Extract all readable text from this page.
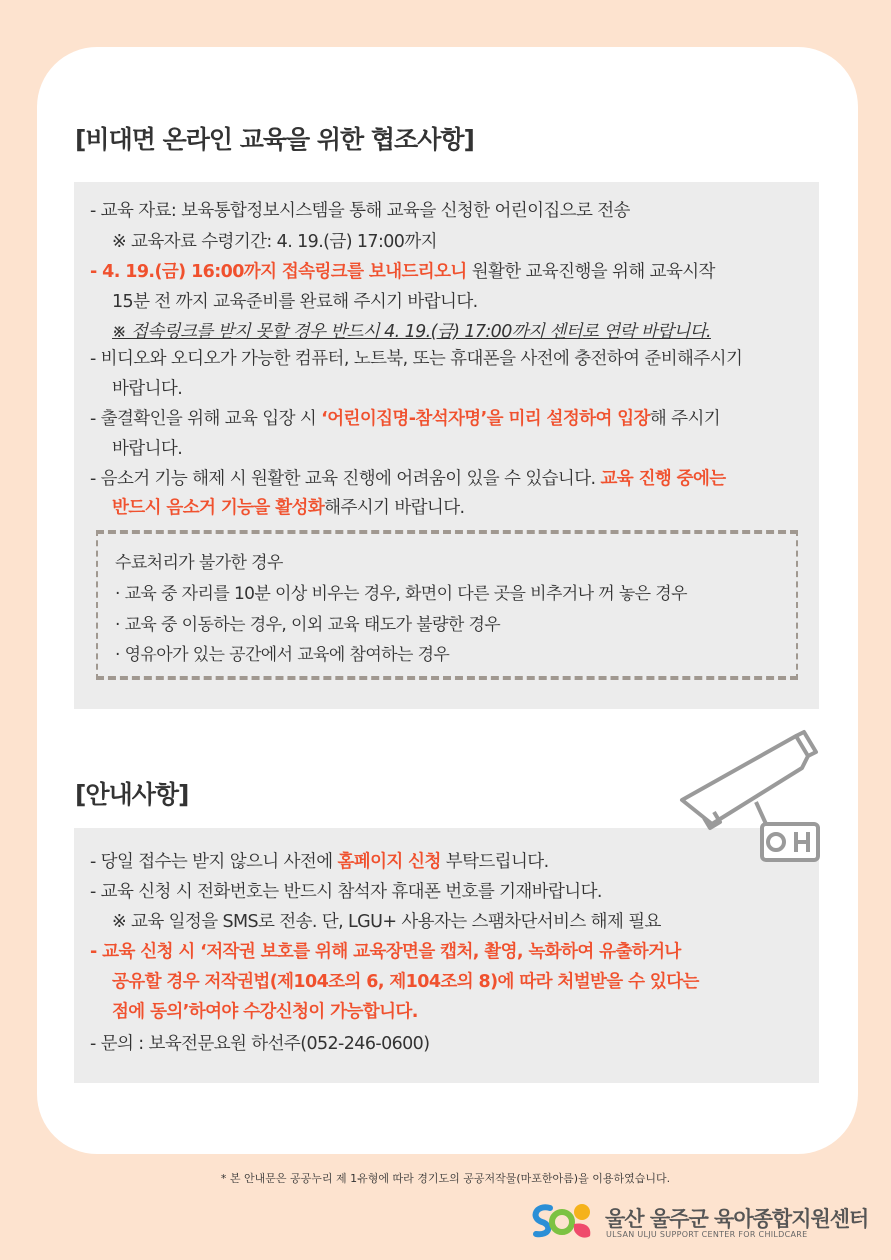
[비대면 온라인 교육을 위한 협조사항]
- 교육 자료: 보육통합정보시스템을 통해 교육을 신청한 어린이집으로 전송
※ 교육자료 수령기간: 4. 19.(금) 17:00까지
- 4. 19.(금) 16:00까지 접속링크를 보내드리오니 원활한 교육진행을 위해 교육시작
15분 전 까지 교육준비를 완료해 주시기 바랍니다.
※ 접속링크를 받지 못할 경우 반드시 4. 19.(금) 17:00까지 센터로 연락 바랍니다.
- 비디오와 오디오가 가능한 컴퓨터, 노트북, 또는 휴대폰을 사전에 충전하여 준비해주시기
바랍니다.
- 출결확인을 위해 교육 입장 시 ‘어린이집명-참석자명’을 미리 설정하여 입장해 주시기
바랍니다.
- 음소거 기능 해제 시 원활한 교육 진행에 어려움이 있을 수 있습니다. 교육 진행 중에는
반드시 음소거 기능을 활성화해주시기 바랍니다.
수료처리가 불가한 경우
· 교육 중 자리를 10분 이상 비우는 경우, 화면이 다른 곳을 비추거나 꺼 놓은 경우
· 교육 중 이동하는 경우, 이외 교육 태도가 불량한 경우
· 영유아가 있는 공간에서 교육에 참여하는 경우
[안내사항]
- 당일 접수는 받지 않으니 사전에 홈페이지 신청 부탁드립니다.
- 교육 신청 시 전화번호는 반드시 참석자 휴대폰 번호를 기재바랍니다.
※ 교육 일정을 SMS로 전송. 단, LGU+ 사용자는 스팸차단서비스 해제 필요
- 교육 신청 시 ‘저작권 보호를 위해 교육장면을 캡처, 촬영, 녹화하여 유출하거나
공유할 경우 저작권법(제104조의 6, 제104조의 8)에 따라 처벌받을 수 있다는
점에 동의’하여야 수강신청이 가능합니다.
- 문의 : 보육전문요원 하선주(052-246-0600)
* 본 안내문은 공공누리 제 1유형에 따라 경기도의 공공저작물(마포한아름)을 이용하였습니다.
울산 울주군 육아종합지원센터
ULSAN ULJU SUPPORT CENTER FOR CHILDCARE
